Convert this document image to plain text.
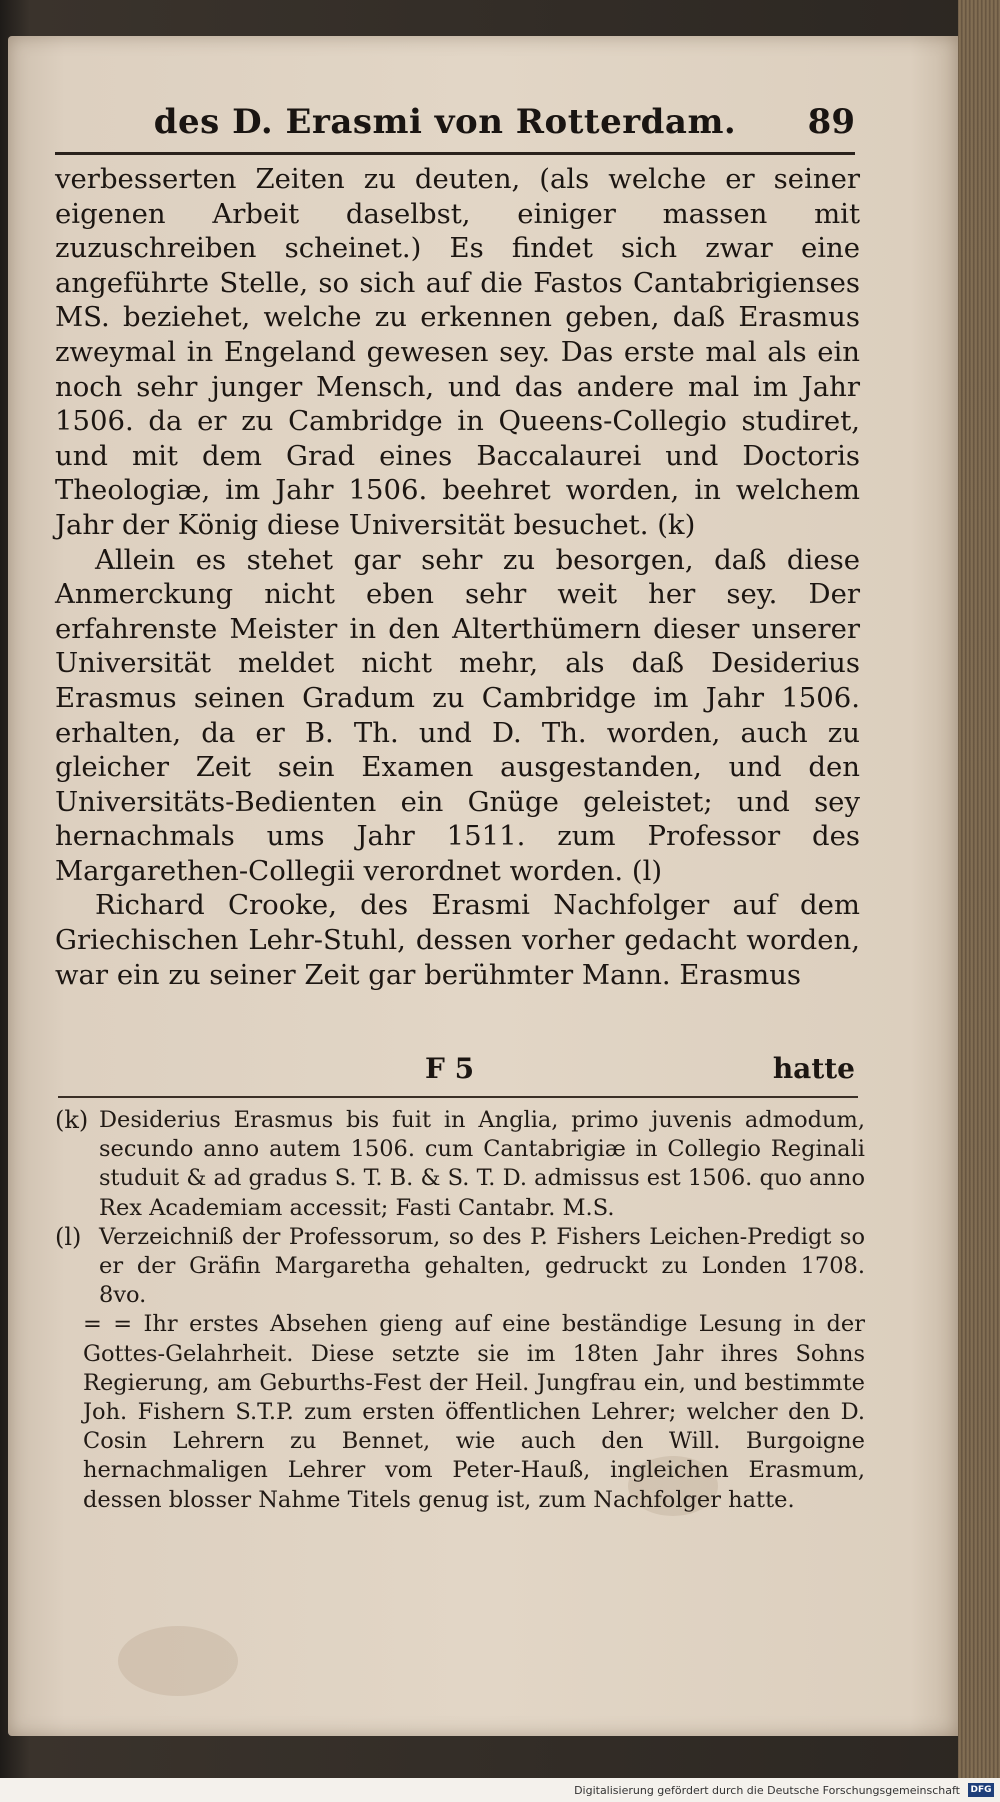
des D. Erasmi von Rotterdam.	89

verbesserten Zeiten zu deuten, (als welche er seiner eigenen Arbeit daselbst, einiger massen mit zuzuschreiben scheinet.) Es findet sich zwar eine angeführte Stelle, so sich auf die Fastos Cantabrigienses MS. beziehet, welche zu erkennen geben, daß Erasmus zweymal in Engeland gewesen sey. Das erste mal als ein noch sehr junger Mensch, und das andere mal im Jahr 1506. da er zu Cambridge in Queens-Collegio studiret, und mit dem Grad eines Baccalaurei und Doctoris Theologiæ, im Jahr 1506. beehret worden, in welchem Jahr der König diese Universität besuchet. (k)

Allein es stehet gar sehr zu besorgen, daß diese Anmerckung nicht eben sehr weit her sey. Der erfahrenste Meister in den Alterthümern dieser unserer Universität meldet nicht mehr, als daß Desiderius Erasmus seinen Gradum zu Cambridge im Jahr 1506. erhalten, da er B. Th. und D. Th. worden, auch zu gleicher Zeit sein Examen ausgestanden, und den Universitäts-Bedienten ein Gnüge geleistet; und sey hernachmals ums Jahr 1511. zum Professor des Margarethen-Collegii verordnet worden. (l)

Richard Crooke, des Erasmi Nachfolger auf dem Griechischen Lehr-Stuhl, dessen vorher gedacht worden, war ein zu seiner Zeit gar berühmter Mann. Erasmus

F 5	hatte
(k) Desiderius Erasmus bis fuit in Anglia, primo juvenis admodum, secundo anno autem 1506. cum Cantabrigiæ in Collegio Reginali studuit & ad gradus S. T. B. & S. T. D. admissus est 1506. quo anno Rex Academiam accessit; Fasti Cantabr. M.S.
(l) Verzeichniß der Professorum, so des P. Fishers Leichen-Predigt so er der Gräfin Margaretha gehalten, gedruckt zu Londen 1708. 8vo.

= = Ihr erstes Absehen gieng auf eine beständige Lesung in der Gottes-Gelahrheit. Diese setzte sie im 18ten Jahr ihres Sohns Regierung, am Geburths-Fest der Heil. Jungfrau ein, und bestimmte Joh. Fishern S.T.P. zum ersten öffentlichen Lehrer; welcher den D. Cosin Lehrern zu Bennet, wie auch den Will. Burgoigne hernachmaligen Lehrer vom Peter-Hauß, ingleichen Erasmum, dessen blosser Nahme Titels genug ist, zum Nachfolger hatte.

Digitalisierung gefördert durch die Deutsche Forschungsgemeinschaft DFG
